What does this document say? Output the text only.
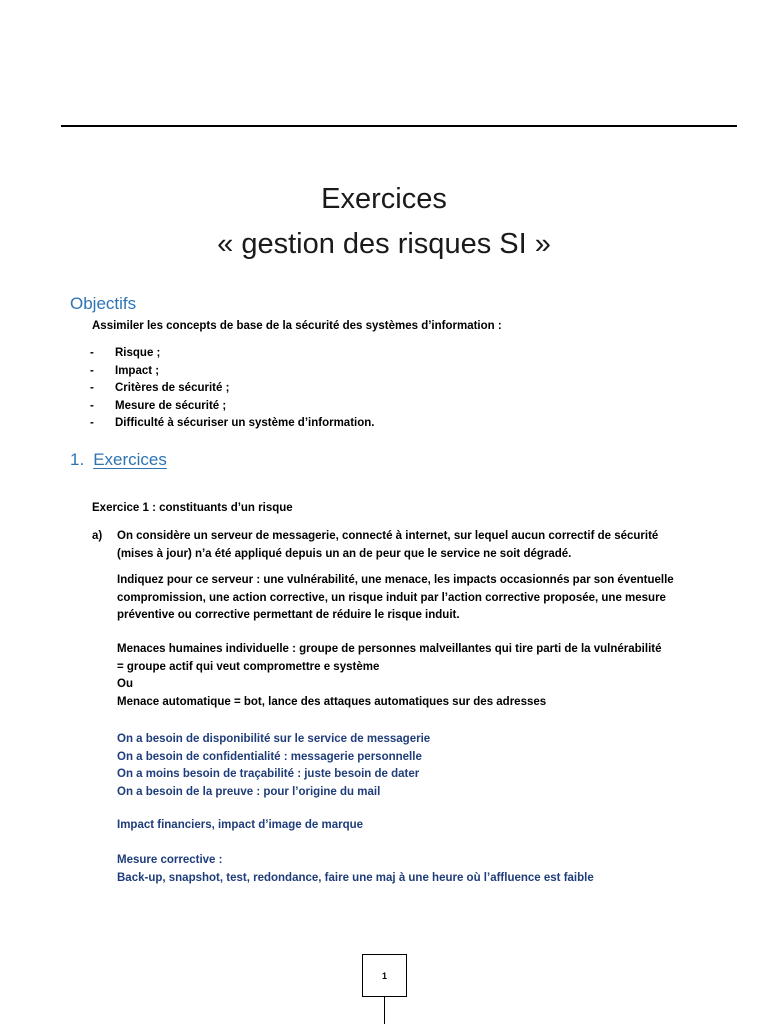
Exercices
« gestion des risques SI »
Objectifs
Assimiler les concepts de base de la sécurité des systèmes d’information :
- Risque ;
- Impact ;
- Critères de sécurité ;
- Mesure de sécurité ;
- Difficulté à sécuriser un système d’information.
1. Exercices
Exercice 1 : constituants d’un risque
a) On considère un serveur de messagerie, connecté à internet, sur lequel aucun correctif de sécurité
(mises à jour) n’a été appliqué depuis un an de peur que le service ne soit dégradé.
Indiquez pour ce serveur : une vulnérabilité, une menace, les impacts occasionnés par son éventuelle
compromission, une action corrective, un risque induit par l’action corrective proposée, une mesure
préventive ou corrective permettant de réduire le risque induit.
Menaces humaines individuelle : groupe de personnes malveillantes qui tire parti de la vulnérabilité
= groupe actif qui veut compromettre e système
Ou
Menace automatique = bot, lance des attaques automatiques sur des adresses
On a besoin de disponibilité sur le service de messagerie
On a besoin de confidentialité : messagerie personnelle
On a moins besoin de traçabilité : juste besoin de dater
On a besoin de la preuve : pour l’origine du mail
Impact financiers, impact d’image de marque
Mesure corrective :
Back-up, snapshot, test, redondance, faire une maj à une heure où l’affluence est faible
1
